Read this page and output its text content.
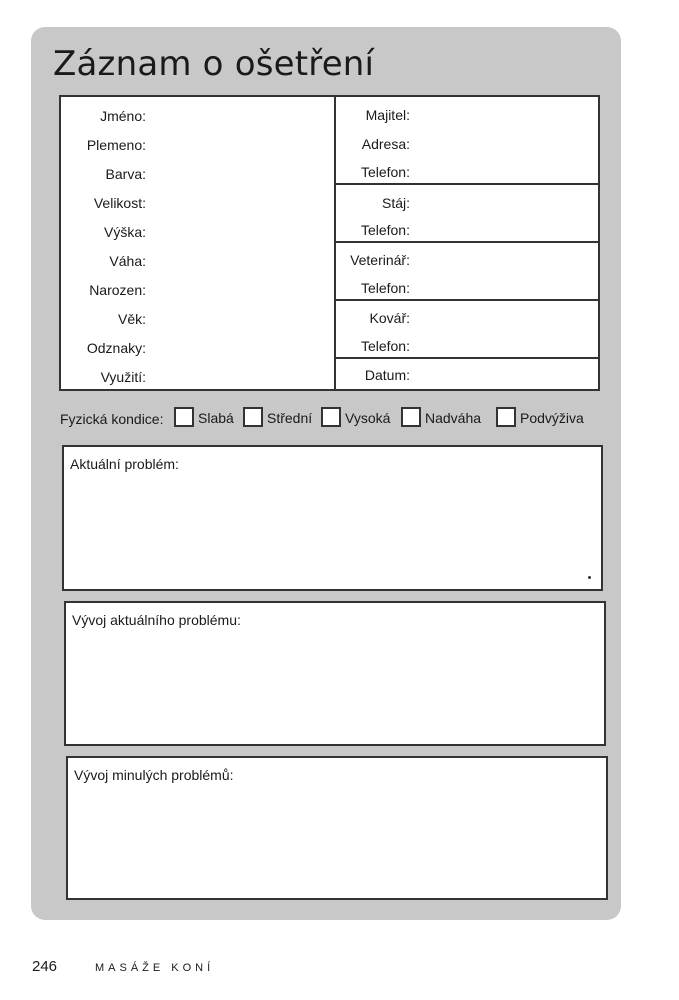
Záznam o ošetření
Jméno:
Plemeno:
Barva:
Velikost:
Výška:
Váha:
Narozen:
Věk:
Odznaky:
Využití:
Majitel:
Adresa:
Telefon:
Stáj:
Telefon:
Veterinář:
Telefon:
Kovář:
Telefon:
Datum:
Fyzická kondice: Slabá Střední Vysoká Nadváha	Podvýživa
Aktuální problém:
Vývoj aktuálního problému:
Vývoj minulých problémů:
246	MASÁŽE KONÍ
